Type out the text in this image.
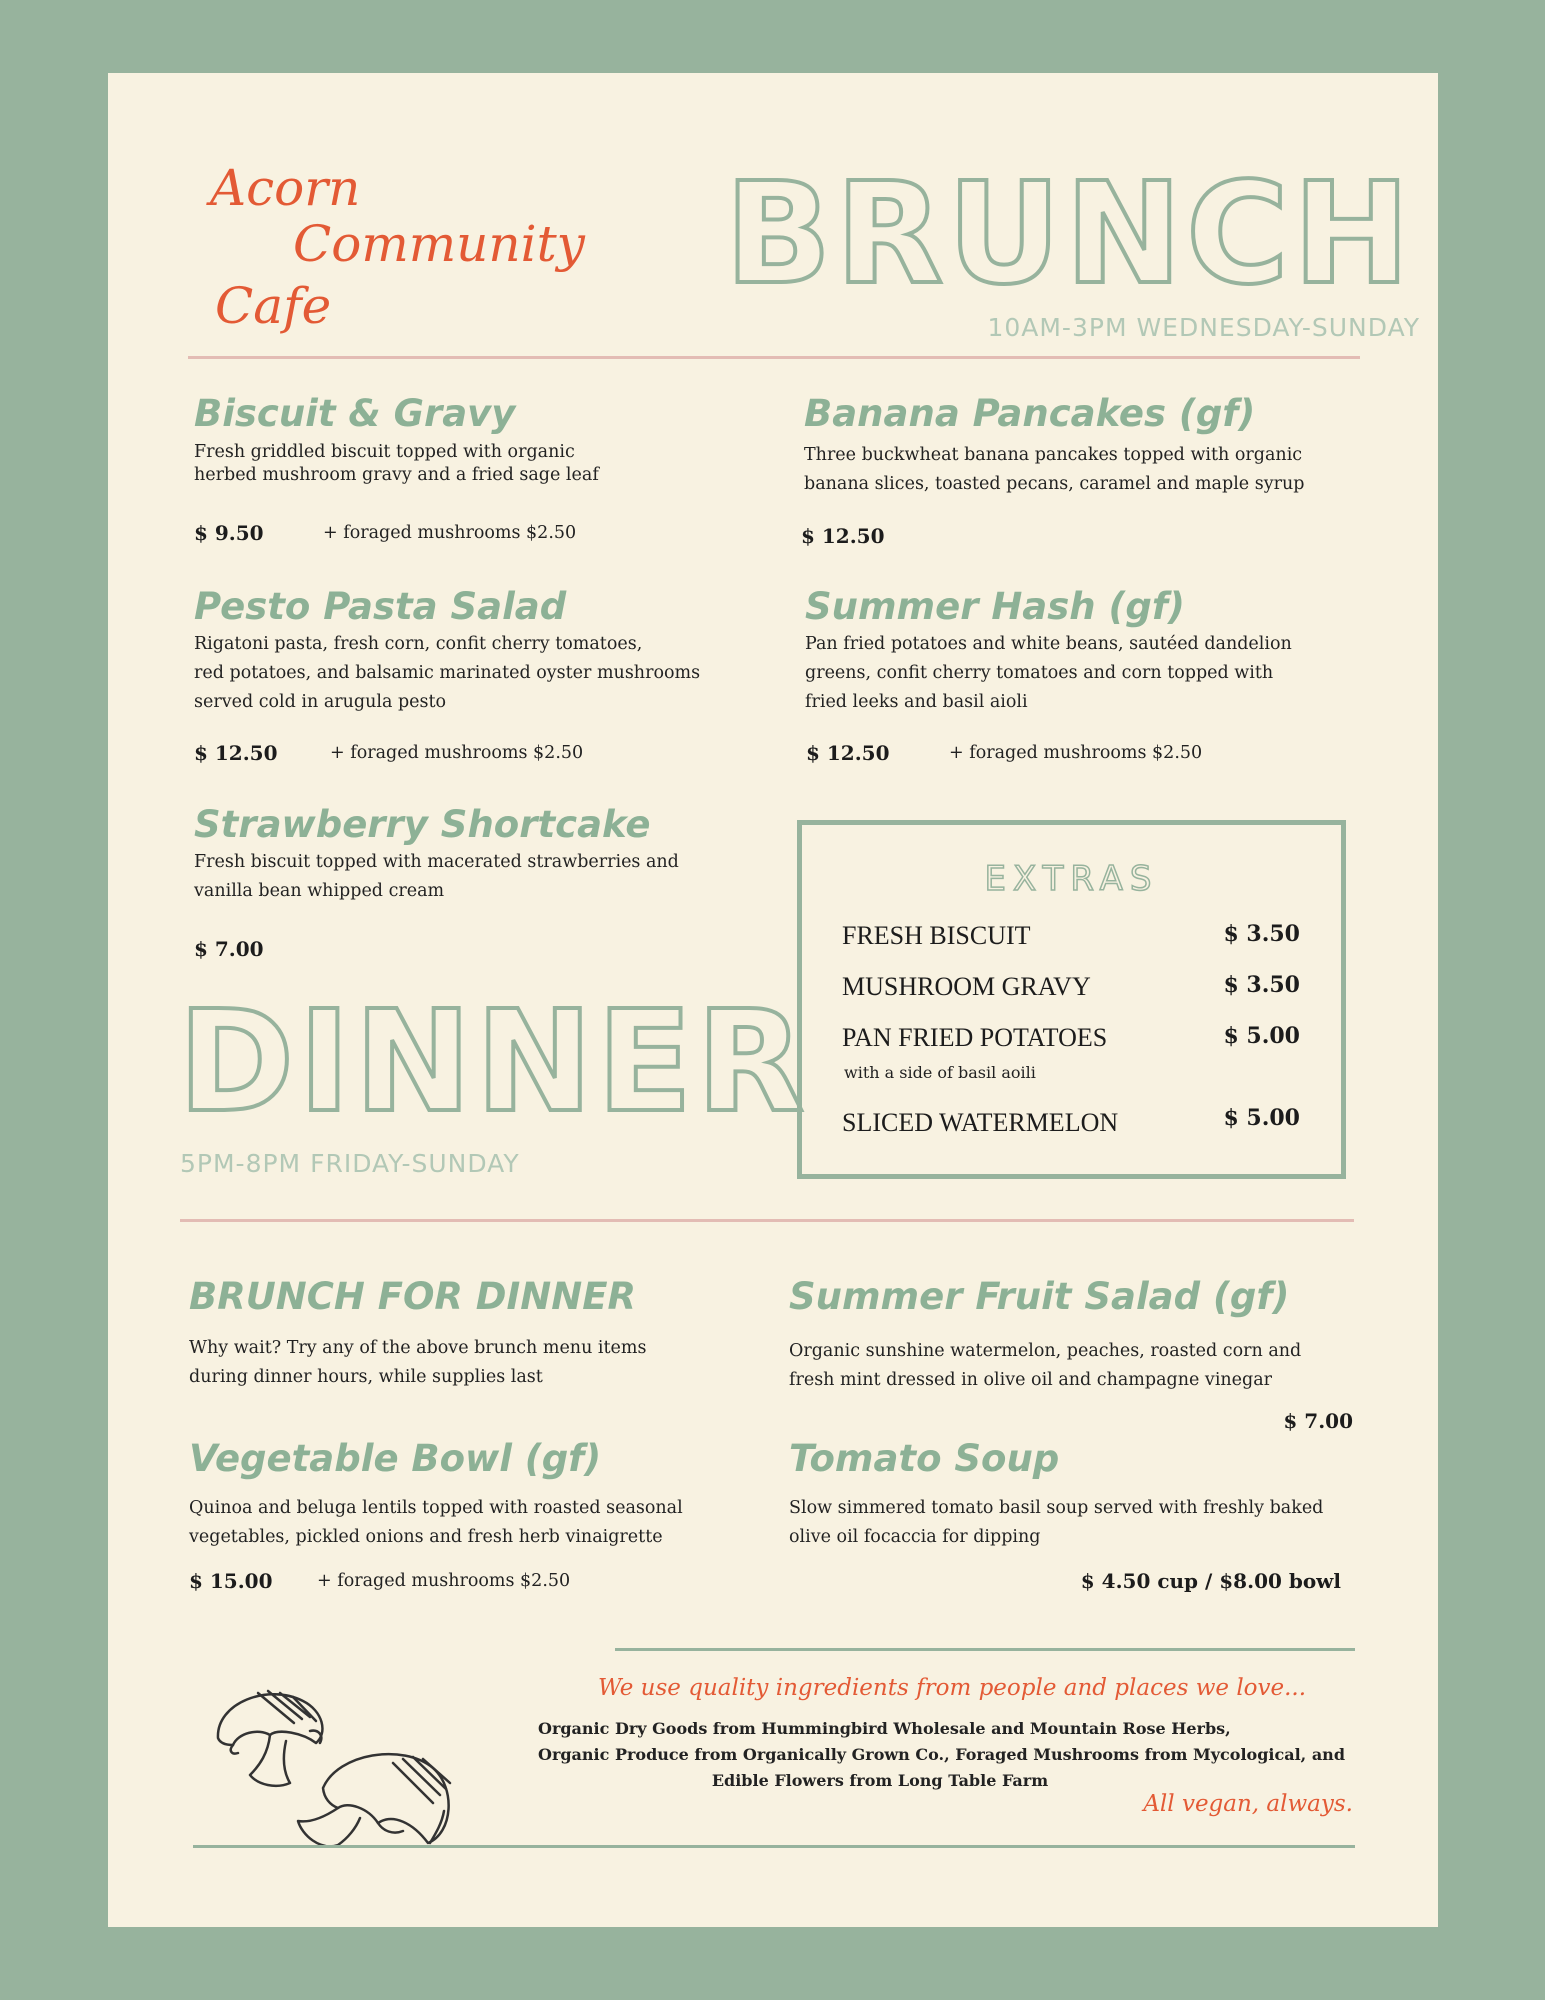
Acorn
Community
Cafe	BRUNCH
10AM-3PM WEDNESDAY-SUNDAY
Biscuit & Gravy
Fresh griddled biscuit topped with organic
herbed mushroom gravy and a fried sage leaf
$ 9.50	+ foraged mushrooms $2.50
Banana Pancakes (gf)
Three buckwheat banana pancakes topped with organic
banana slices, toasted pecans, caramel and maple syrup
$ 12.50
Pesto Pasta Salad
Rigatoni pasta, fresh corn, confit cherry tomatoes,
red potatoes, and balsamic marinated oyster mushrooms
served cold in arugula pesto
$ 12.50	+ foraged mushrooms $2.50
Summer Hash (gf)
Pan fried potatoes and white beans, sautéed dandelion
greens, confit cherry tomatoes and corn topped with
fried leeks and basil aioli
$ 12.50	+ foraged mushrooms $2.50
Strawberry Shortcake
Fresh biscuit topped with macerated strawberries and
vanilla bean whipped cream
$ 7.00
DINNER
5PM-8PM FRIDAY-SUNDAY
EXTRAS
FRESH BISCUIT	$ 3.50
MUSHROOM GRAVY	$ 3.50
PAN FRIED POTATOES	$ 5.00
with a side of basil aoili
SLICED WATERMELON	$ 5.00
BRUNCH FOR DINNER
Why wait? Try any of the above brunch menu items
during dinner hours, while supplies last
Summer Fruit Salad (gf)
Organic sunshine watermelon, peaches, roasted corn and
fresh mint dressed in olive oil and champagne vinegar
$ 7.00
Vegetable Bowl (gf)
Quinoa and beluga lentils topped with roasted seasonal
vegetables, pickled onions and fresh herb vinaigrette
$ 15.00	+ foraged mushrooms $2.50
Tomato Soup
Slow simmered tomato basil soup served with freshly baked
olive oil focaccia for dipping
$ 4.50 cup / $8.00 bowl
We use quality ingredients from people and places we love...
Organic Dry Goods from Hummingbird Wholesale and Mountain Rose Herbs,
Organic Produce from Organically Grown Co., Foraged Mushrooms from Mycological, and
Edible Flowers from Long Table Farm
All vegan, always.
